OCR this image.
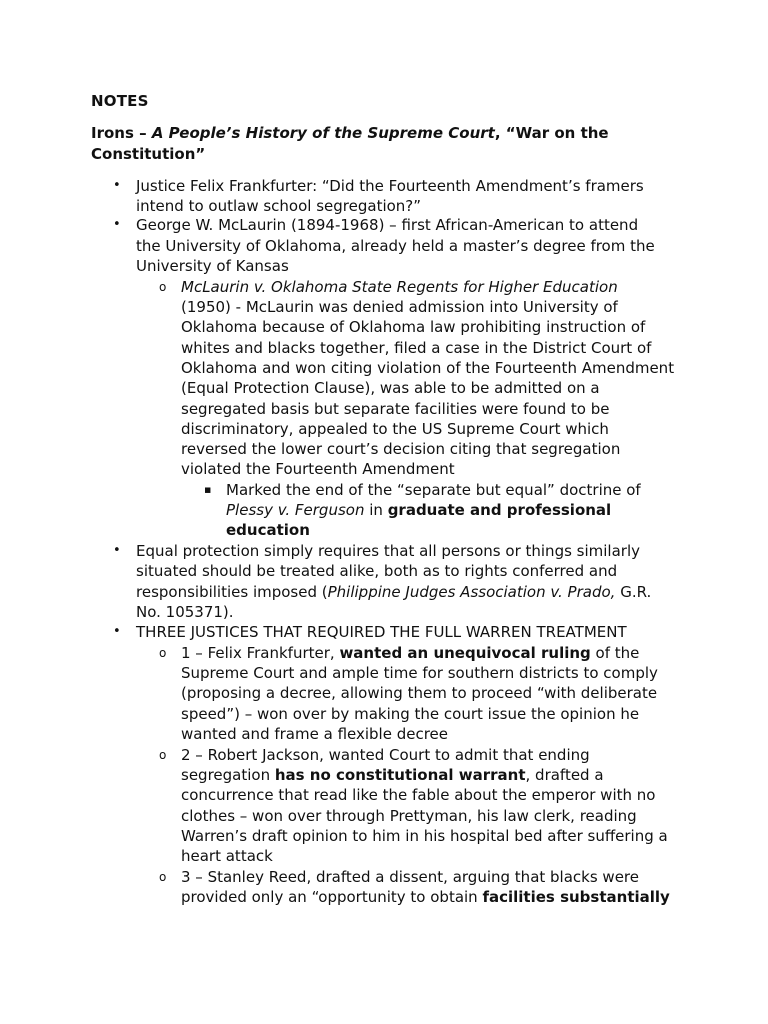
NOTES
Irons – A People’s History of the Supreme Court, “War on the
Constitution”
• Justice Felix Frankfurter: “Did the Fourteenth Amendment’s framers
intend to outlaw school segregation?”
• George W. McLaurin (1894-1968) – first African-American to attend
the University of Oklahoma, already held a master’s degree from the
University of Kansas
o McLaurin v. Oklahoma State Regents for Higher Education
(1950) - McLaurin was denied admission into University of
Oklahoma because of Oklahoma law prohibiting instruction of
whites and blacks together, filed a case in the District Court of
Oklahoma and won citing violation of the Fourteenth Amendment
(Equal Protection Clause), was able to be admitted on a
segregated basis but separate facilities were found to be
discriminatory, appealed to the US Supreme Court which
reversed the lower court’s decision citing that segregation
violated the Fourteenth Amendment
▪ Marked the end of the “separate but equal” doctrine of
Plessy v. Ferguson in graduate and professional
education
• Equal protection simply requires that all persons or things similarly
situated should be treated alike, both as to rights conferred and
responsibilities imposed (Philippine Judges Association v. Prado, G.R.
No. 105371).
• THREE JUSTICES THAT REQUIRED THE FULL WARREN TREATMENT
o 1 – Felix Frankfurter, wanted an unequivocal ruling of the
Supreme Court and ample time for southern districts to comply
(proposing a decree, allowing them to proceed “with deliberate
speed”) – won over by making the court issue the opinion he
wanted and frame a flexible decree
o 2 – Robert Jackson, wanted Court to admit that ending
segregation has no constitutional warrant, drafted a
concurrence that read like the fable about the emperor with no
clothes – won over through Prettyman, his law clerk, reading
Warren’s draft opinion to him in his hospital bed after suffering a
heart attack
o 3 – Stanley Reed, drafted a dissent, arguing that blacks were
provided only an “opportunity to obtain facilities substantially
